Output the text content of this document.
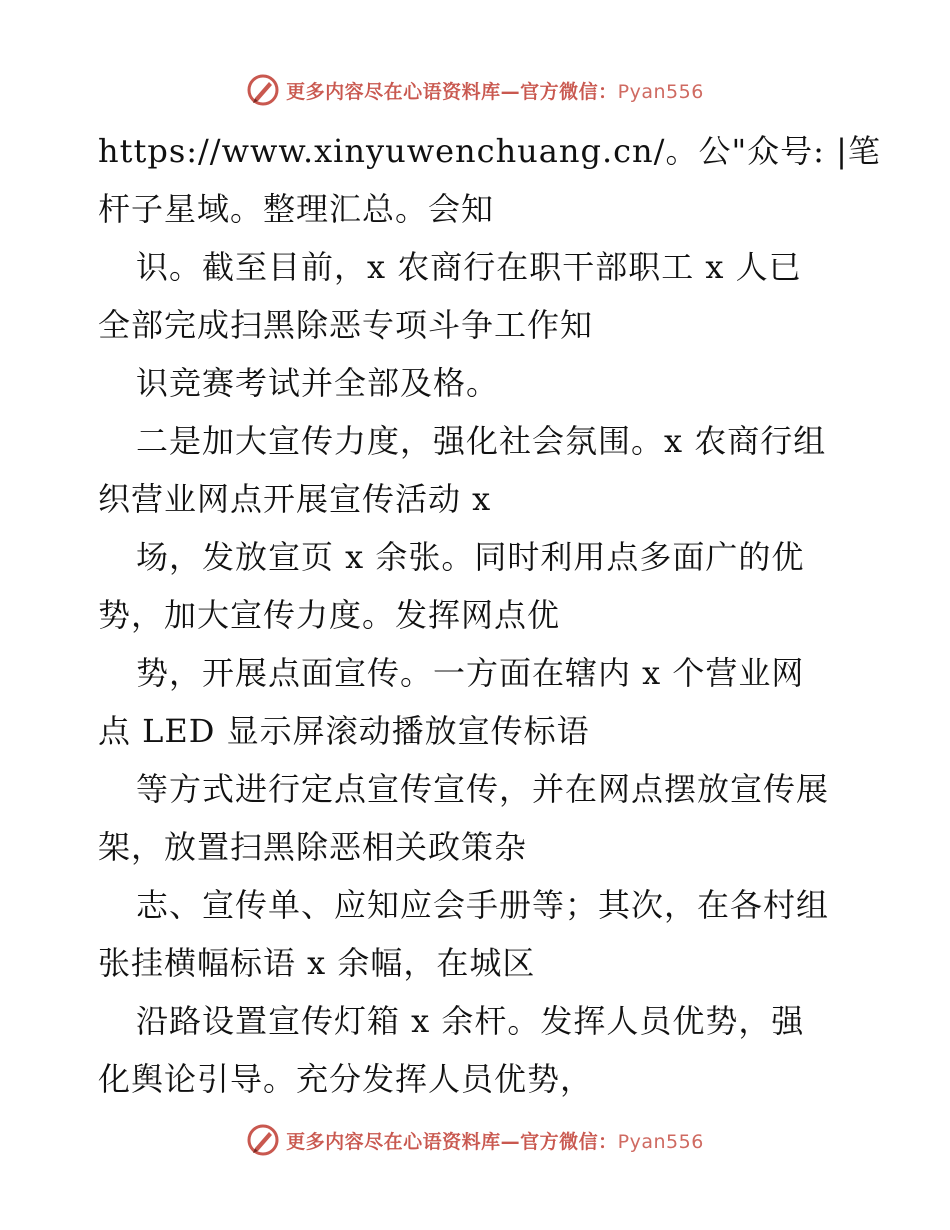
更多内容尽在心语资料库—官方微信：Pyan556
https://www.xinyuwenchuang.cn/。公"众号: |笔
杆子星域。整理汇总。会知
识。截至目前，x 农商行在职干部职工 x 人已
全部完成扫黑除恶专项斗争工作知
识竞赛考试并全部及格。
二是加大宣传力度，强化社会氛围。x 农商行组
织营业网点开展宣传活动 x
场，发放宣页 x 余张。同时利用点多面广的优
势，加大宣传力度。发挥网点优
势，开展点面宣传。一方面在辖内 x 个营业网
点 LED 显示屏滚动播放宣传标语
等方式进行定点宣传宣传，并在网点摆放宣传展
架，放置扫黑除恶相关政策杂
志、宣传单、应知应会手册等；其次，在各村组
张挂横幅标语 x 余幅，在城区
沿路设置宣传灯箱 x 余杆。发挥人员优势，强
化舆论引导。充分发挥人员优势，
更多内容尽在心语资料库—官方微信：Pyan556
